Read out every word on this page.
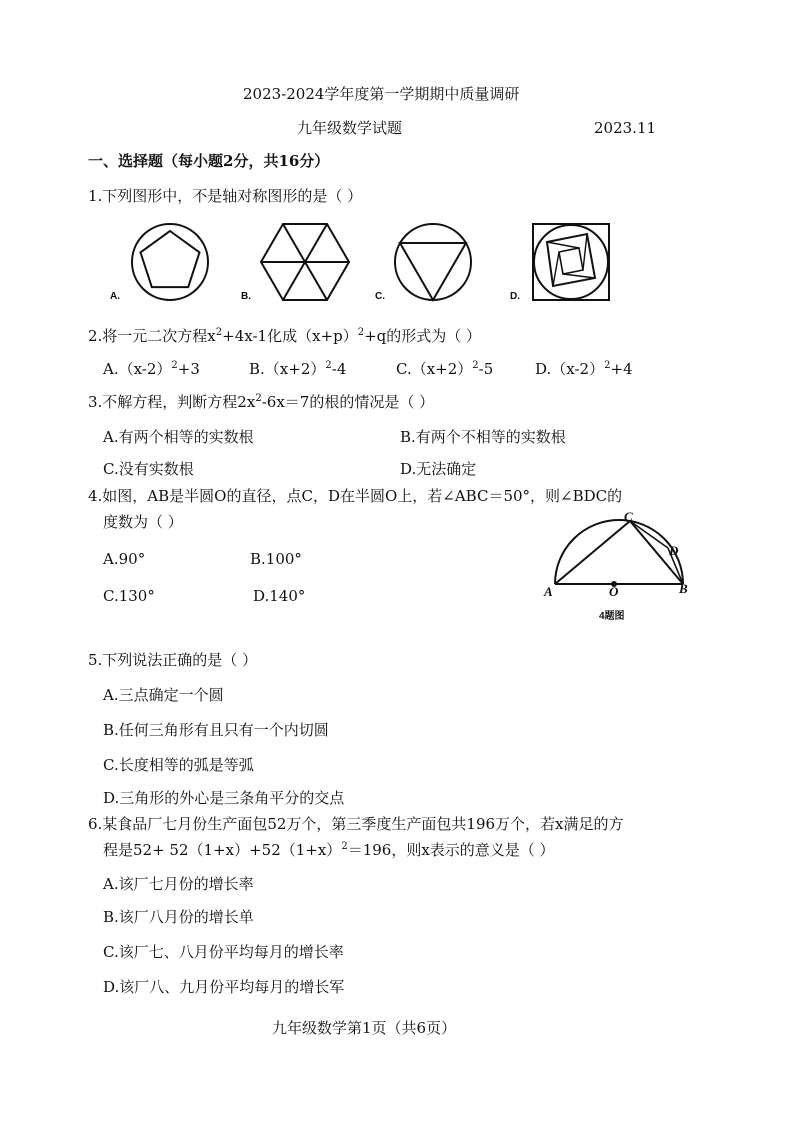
2023-2024学年度第一学期期中质量调研
九年级数学试题	2023.11
一、选择题（每小题2分，共16分）
1.下列图形中，不是轴对称图形的是（ ）
A.	B.	C.	D.
2.将一元二次方程$x^2+4x-1$化成$(x+p)^2+q$的形式为（ ）
$A.(x-2)^2+3$	$B.(x+2)^2-4$	$C.(x+2)^2-5$	$D.(x-2)^2+4$
3.不解方程，判断方程$2x^2-6x=7$的根的情况是（ ）
A.有两个相等的实数根	B.有两个不相等的实数根
C.没有实数根	D.无法确定
4.如图，AB是半圆O的直径，点C，D在半圆O上，若∠ABC＝50°，则∠BDC的
度数为（ ）
A.90°	B.100°
C.130°	D.140°
C
D
A	O	B
4题图
5.下列说法正确的是（ ）
A.三点确定一个圆
B.任何三角形有且只有一个内切圆
C.长度相等的弧是等弧
D.三角形的外心是三条角平分的交点
6.某食品厂七月份生产面包52万个，第三季度生产面包共196万个，若x满足的方
程是$52+ 52(1+x)+52(1+x)^2=196$，则x表示的意义是（ ）
A.该厂七月份的增长率
B.该厂八月份的增长单
C.该厂七、八月份平均每月的增长率
D.该厂八、九月份平均每月的增长军
九年级数学第1页（共6页）
